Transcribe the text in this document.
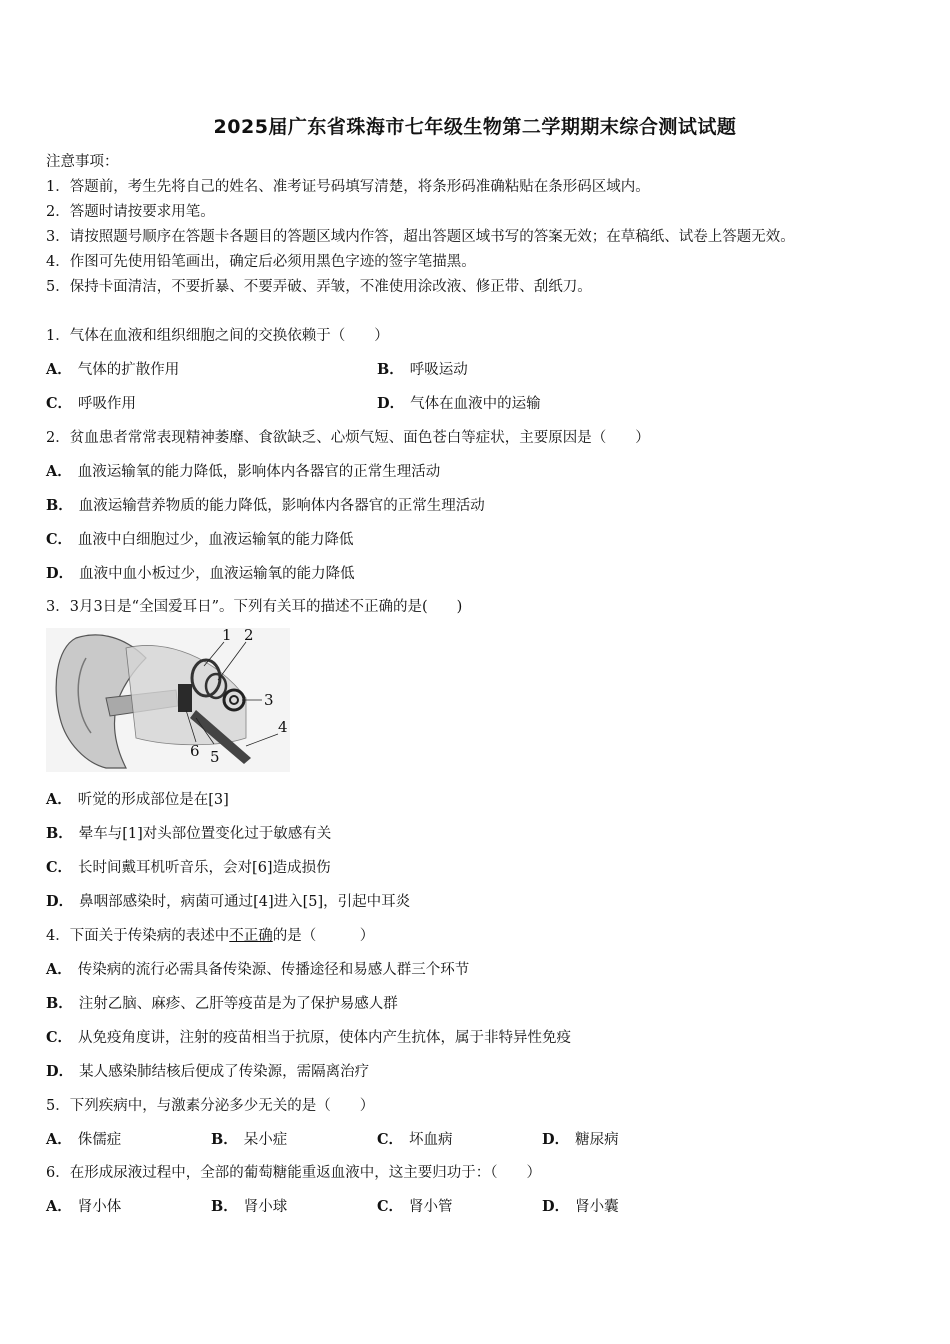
2025届广东省珠海市七年级生物第二学期期末综合测试试题
注意事项：
1．答题前，考生先将自己的姓名、准考证号码填写清楚，将条形码准确粘贴在条形码区域内。
2．答题时请按要求用笔。
3．请按照题号顺序在答题卡各题目的答题区域内作答，超出答题区域书写的答案无效；在草稿纸、试卷上答题无效。
4．作图可先使用铅笔画出，确定后必须用黑色字迹的签字笔描黑。
5．保持卡面清洁，不要折暴、不要弄破、弄皱，不准使用涂改液、修正带、刮纸刀。
1．气体在血液和组织细胞之间的交换依赖于（　　）
A． 气体的扩散作用	B． 呼吸运动
C． 呼吸作用	D． 气体在血液中的运输
2．贫血患者常常表现精神萎靡、食欲缺乏、心烦气短、面色苍白等症状，主要原因是（　　）
A． 血液运输氧的能力降低，影响体内各器官的正常生理活动
B． 血液运输营养物质的能力降低，影响体内各器官的正常生理活动
C． 血液中白细胞过少，血液运输氧的能力降低
D． 血液中血小板过少，血液运输氧的能力降低
3．3月3日是“全国爱耳日”。下列有关耳的描述不正确的是(　　)
1 2
3
4
5
6
A． 听觉的形成部位是在[3]
B． 晕车与[1]对头部位置变化过于敏感有关
C． 长时间戴耳机听音乐，会对[6]造成损伤
D． 鼻咽部感染时，病菌可通过[4]进入[5]，引起中耳炎
4．下面关于传染病的表述中不正确的是（　　　）
A． 传染病的流行必需具备传染源、传播途径和易感人群三个环节
B． 注射乙脑、麻疹、乙肝等疫苗是为了保护易感人群
C． 从免疫角度讲，注射的疫苗相当于抗原，使体内产生抗体，属于非特异性免疫
D． 某人感染肺结核后便成了传染源，需隔离治疗
5．下列疾病中，与激素分泌多少无关的是（　　）
A． 侏儒症	B． 呆小症	C． 坏血病	D． 糖尿病
6．在形成尿液过程中，全部的葡萄糖能重返血液中，这主要归功于：（　　）
A． 肾小体	B． 肾小球	C． 肾小管	D． 肾小囊
